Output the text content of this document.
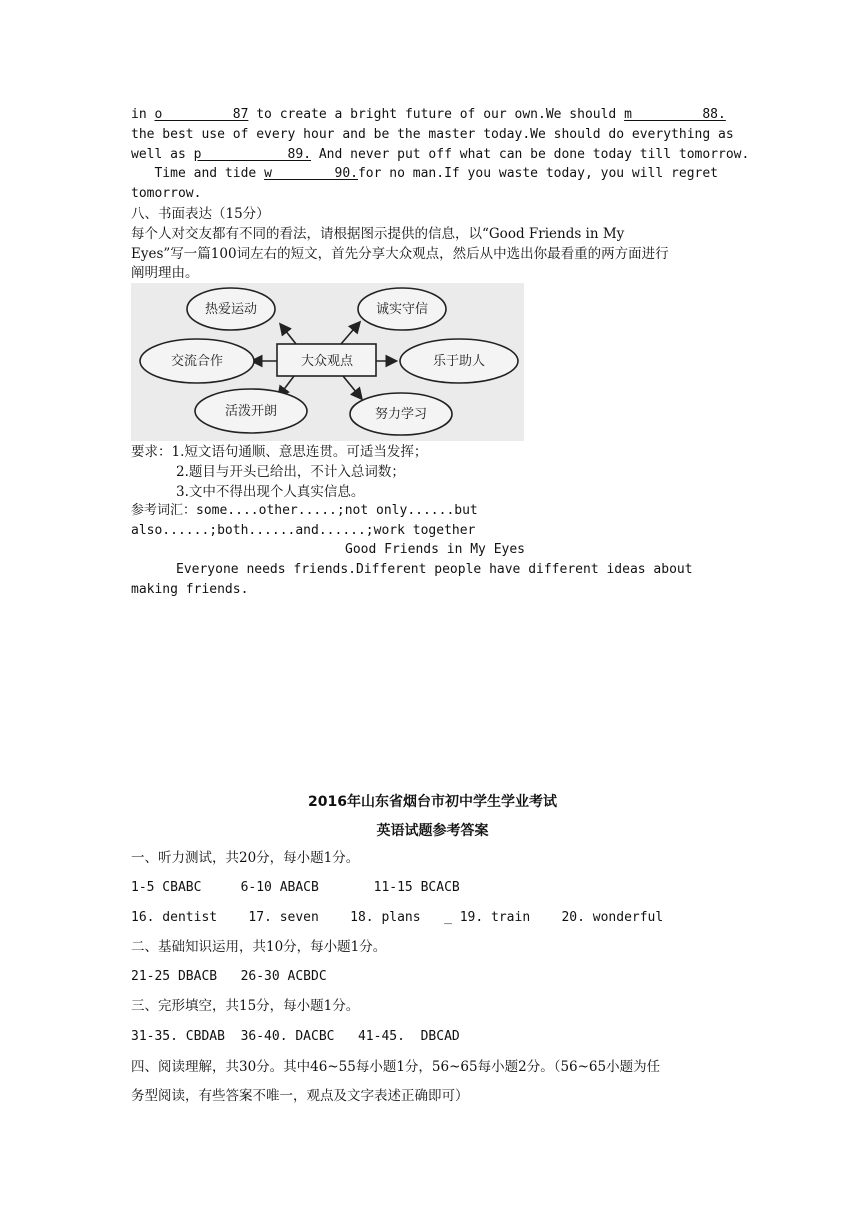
in o         87 to create a bright future of our own.We should m         88.
the best use of every hour and be the master today.We should do everything as
well as p           89. And never put off what can be done today till tomorrow.
Time and tide w        90.for no man.If you waste today, you will regret
tomorrow.
八、书面表达（15分）
每个人对交友都有不同的看法，请根据图示提供的信息，以“Good Friends in My
Eyes”写一篇100词左右的短文，首先分享大众观点，然后从中选出你最看重的两方面进行
阐明理由。
大众观点
热爱运动	诚实守信
交流合作	乐于助人
活泼开朗	努力学习
要求：1.短文语句通顺、意思连贯。可适当发挥；
2.题目与开头已给出，不计入总词数；
3.文中不得出现个人真实信息。
参考词汇：some....other.....;not only......but
also......;both......and......;work together
Good Friends in My Eyes
Everyone needs friends.Different people have different ideas about
making friends.
2016年山东省烟台市初中学生学业考试
英语试题参考答案
一、听力测试，共20分，每小题1分。
1-5 CBABC     6-10 ABACB       11-15 BCACB
16. dentist    17. seven    18. plans   _ 19. train    20. wonderful
二、基础知识运用，共10分，每小题1分。
21-25 DBACB   26-30 ACBDC
三、完形填空，共15分，每小题1分。
31-35. CBDAB  36-40. DACBC   41-45.  DBCAD
四、阅读理解，共30分。其中46~55每小题1分，56~65每小题2分。（56~65小题为任
务型阅读，有些答案不唯一，观点及文字表述正确即可）
